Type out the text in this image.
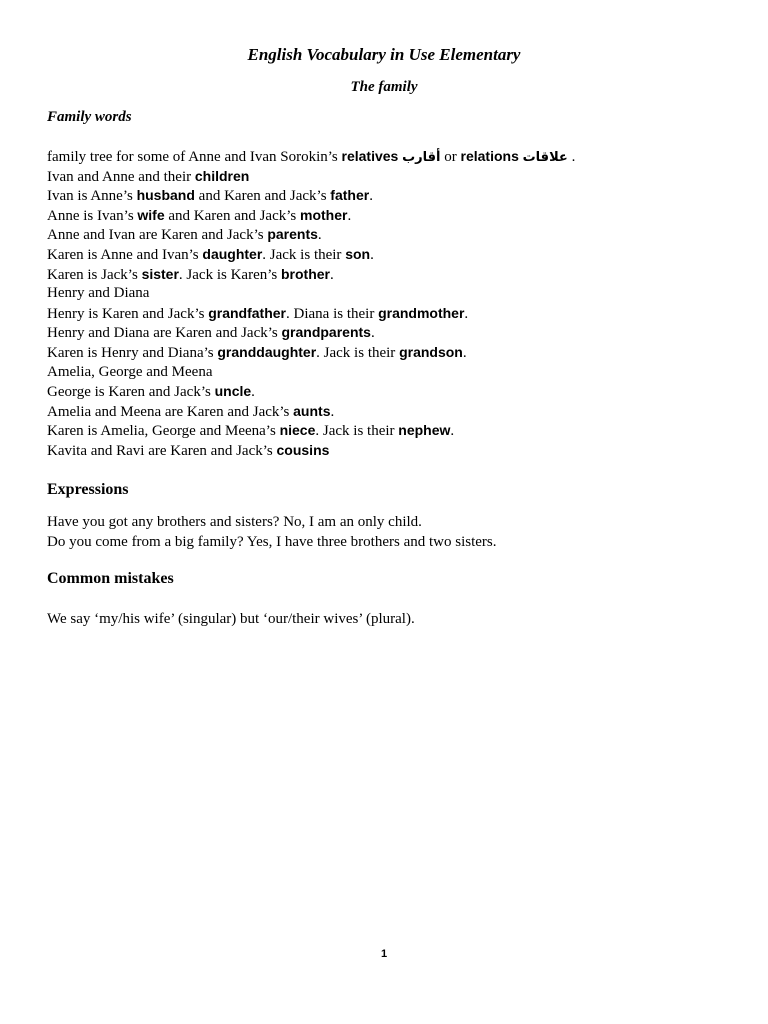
English Vocabulary in Use Elementary
The family
Family words
family tree for some of Anne and Ivan Sorokin’s relatives أقارب or relations علاقات .
Ivan and Anne and their children
Ivan is Anne’s husband and Karen and Jack’s father.
Anne is Ivan’s wife and Karen and Jack’s mother.
Anne and Ivan are Karen and Jack’s parents.
Karen is Anne and Ivan’s daughter. Jack is their son.
Karen is Jack’s sister. Jack is Karen’s brother.
Henry and Diana
Henry is Karen and Jack’s grandfather. Diana is their grandmother.
Henry and Diana are Karen and Jack’s grandparents.
Karen is Henry and Diana’s granddaughter. Jack is their grandson.
Amelia, George and Meena
George is Karen and Jack’s uncle.
Amelia and Meena are Karen and Jack’s aunts.
Karen is Amelia, George and Meena’s niece. Jack is their nephew.
Kavita and Ravi are Karen and Jack’s cousins
Expressions
Have you got any brothers and sisters? No, I am an only child.
Do you come from a big family? Yes, I have three brothers and two sisters.
Common mistakes
We say ‘my/his wife’ (singular) but ‘our/their wives’ (plural).
1
